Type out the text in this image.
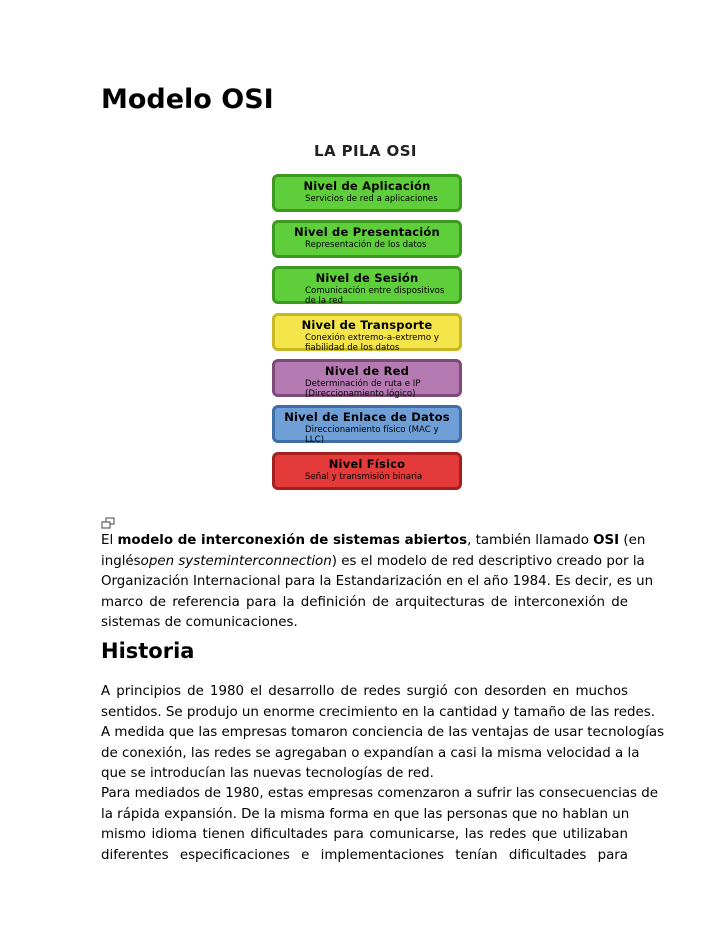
Modelo OSI
LA PILA OSI
Nivel de Aplicación
Servicios de red a aplicaciones
Nivel de Presentación
Representación de los datos
Nivel de Sesión
Comunicación entre dispositivos de la red
Nivel de Transporte
Conexión extremo-a-extremo y fiabilidad de los datos
Nivel de Red
Determinación de ruta e IP (Direccionamiento lógico)
Nivel de Enlace de Datos
Direccionamiento físico (MAC y LLC)
Nivel Físico
Señal y transmisión binaria
El modelo de interconexión de sistemas abiertos, también llamado OSI (en
inglésopen systeminterconnection) es el modelo de red descriptivo creado por la
Organización Internacional para la Estandarización en el año 1984. Es decir, es un
marco de referencia para la definición de arquitecturas de interconexión de
sistemas de comunicaciones.
Historia
A principios de 1980 el desarrollo de redes surgió con desorden en muchos
sentidos. Se produjo un enorme crecimiento en la cantidad y tamaño de las redes.
A medida que las empresas tomaron conciencia de las ventajas de usar tecnologías
de conexión, las redes se agregaban o expandían a casi la misma velocidad a la
que se introducían las nuevas tecnologías de red.
Para mediados de 1980, estas empresas comenzaron a sufrir las consecuencias de
la rápida expansión. De la misma forma en que las personas que no hablan un
mismo idioma tienen dificultades para comunicarse, las redes que utilizaban
diferentes especificaciones e implementaciones tenían dificultades para
